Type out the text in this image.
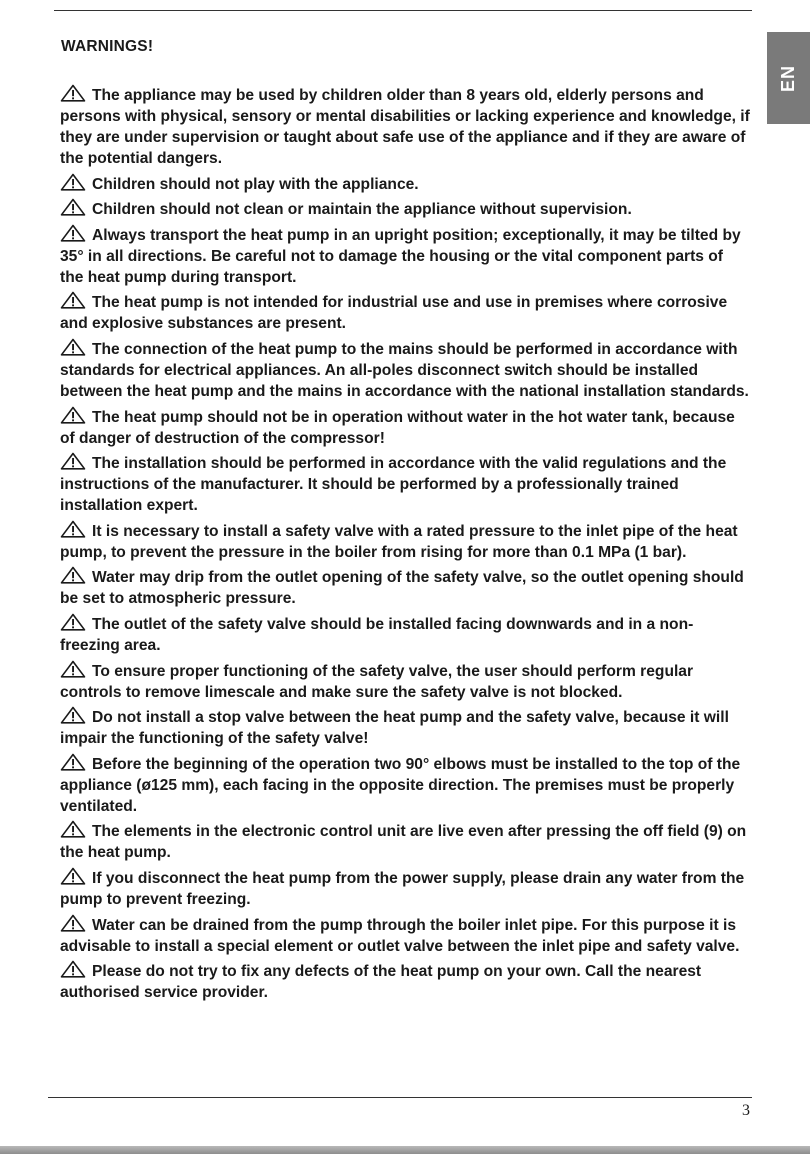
EN
WARNINGS!
The appliance may be used by children older than 8 years old, elderly persons and persons with physical, sensory or mental disabilities or lacking experience and knowledge, if they are under supervision or taught about safe use of the appliance and if they are aware of the potential dangers.
Children should not play with the appliance.
Children should not clean or maintain the appliance without supervision.
Always transport the heat pump in an upright position; exceptionally, it may be tilted by 35° in all directions. Be careful not to damage the housing or the vital component parts of the heat pump during transport.
The heat pump is not intended for industrial use and use in premises where corrosive and explosive substances are present.
The connection of the heat pump to the mains should be performed in accordance with standards for electrical appliances. An all-poles disconnect switch should be installed between the heat pump and the mains in accordance with the national installation standards.
The heat pump should not be in operation without water in the hot water tank, because of danger of destruction of the compressor!
The installation should be performed in accordance with the valid regulations and the instructions of the manufacturer. It should be performed by a professionally trained installation expert.
It is necessary to install a safety valve with a rated pressure to the inlet pipe of the heat pump, to prevent the pressure in the boiler from rising for more than 0.1 MPa (1 bar).
Water may drip from the outlet opening of the safety valve, so the outlet opening should be set to atmospheric pressure.
The outlet of the safety valve should be installed facing downwards and in a non-freezing area.
To ensure proper functioning of the safety valve, the user should perform regular controls to remove limescale and make sure the safety valve is not blocked.
Do not install a stop valve between the heat pump and the safety valve, because it will impair the functioning of the safety valve!
Before the beginning of the operation two 90° elbows must be installed to the top of the appliance (ø125 mm), each facing in the opposite direction. The premises must be properly ventilated.
The elements in the electronic control unit are live even after pressing the off field (9) on the heat pump.
If you disconnect the heat pump from the power supply, please drain any water from the pump to prevent freezing.
Water can be drained from the pump through the boiler inlet pipe. For this purpose it is advisable to install a special element or outlet valve between the inlet pipe and safety valve.
Please do not try to fix any defects of the heat pump on your own. Call the nearest authorised service provider.
3
